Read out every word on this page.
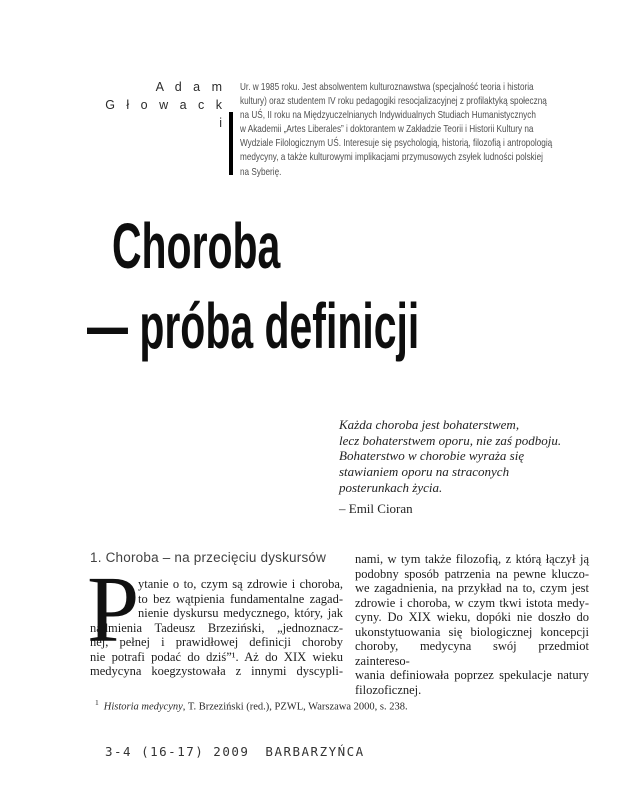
A d a m
G ł o w a c k i
Ur. w 1985 roku. Jest absolwentem kulturoznawstwa (specjalność teoria i historia
kultury) oraz studentem IV roku pedagogiki resocjalizacyjnej z profilaktyką społeczną
na UŚ, II roku na Międzyuczelnianych Indywidualnych Studiach Humanistycznych
w Akademii „Artes Liberales” i doktorantem w Zakładzie Teorii i Historii Kultury na
Wydziale Filologicznym UŚ. Interesuje się psychologią, historią, filozofią i antropologią
medycyny, a także kulturowymi implikacjami przymusowych zsyłek ludności polskiej
na Syberię.
Choroba
— próba definicji
Każda choroba jest bohaterstwem,
lecz bohaterstwem oporu, nie zaś podboju.
Bohaterstwo w chorobie wyraża się
stawianiem oporu na straconych
posterunkach życia.
– Emil Cioran
1. Choroba – na przecięciu dyskursów
P
ytanie o to, czym są zdrowie i choroba,
to bez wątpienia fundamentalne zagad-
nienie dyskursu medycznego, który, jak
nadmienia Tadeusz Brzeziński, „jednoznacz-
nej, pełnej i prawidłowej definicji choroby
nie potrafi podać do dziś”¹. Aż do XIX wieku
medycyna koegzystowała z innymi dyscypli-
nami, w tym także filozofią, z którą łączył ją
podobny sposób patrzenia na pewne kluczo-
we zagadnienia, na przykład na to, czym jest
zdrowie i choroba, w czym tkwi istota medy-
cyny. Do XIX wieku, dopóki nie doszło do
ukonstytuowania się biologicznej koncepcji
choroby, medycyna swój przedmiot zaintereso-
wania definiowała poprzez spekulacje natury
filozoficznej.
$^1$ Historia medycyny, T. Brzeziński (red.), PZWL, Warszawa 2000, s. 238.
3-4 (16-17) 2009 BARBARZYŃCA
